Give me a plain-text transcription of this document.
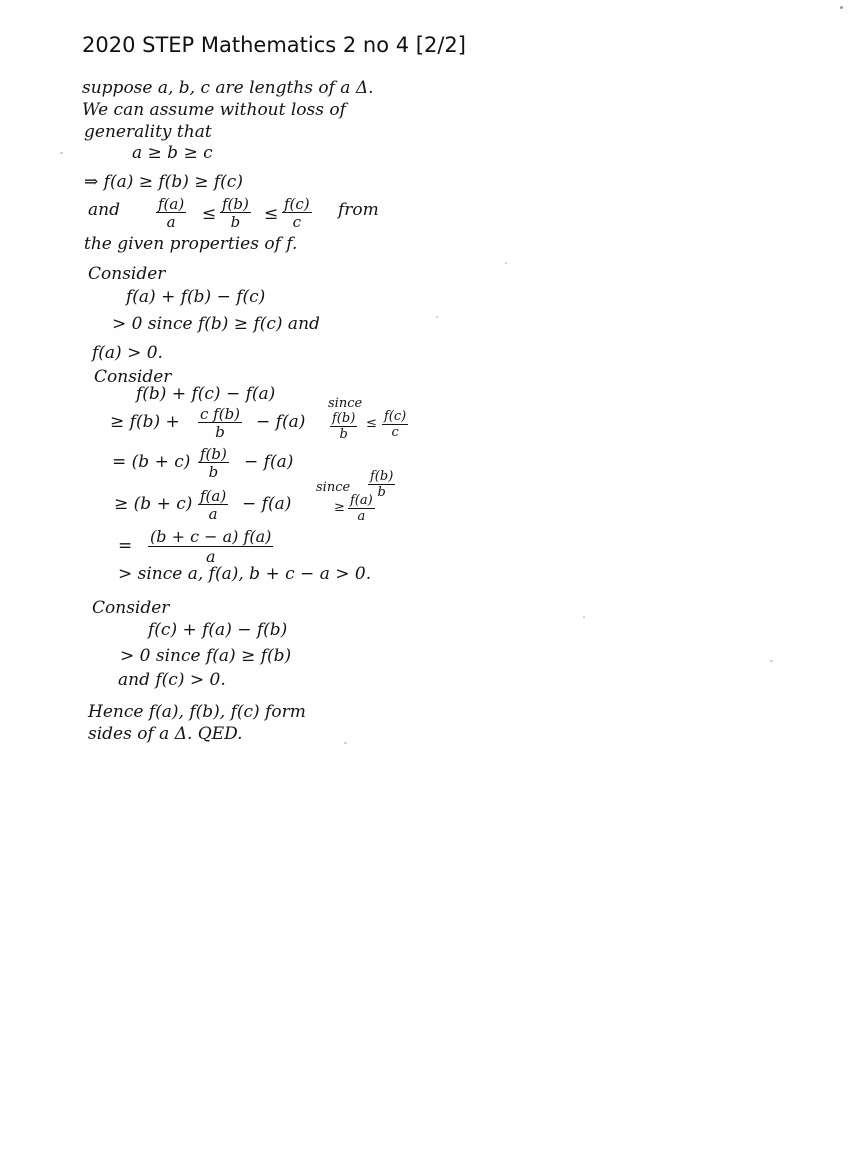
2020 STEP Mathematics 2 no 4 [2/2]
suppose a, b, c are lengths of a Δ.
We can assume without loss of
generality that
a ≥ b ≥ c
⇒ f(a) ≥ f(b) ≥ f(c)
and $\frac{f(a)}{a} \le \frac{f(b)}{b} \le \frac{f(c)}{c}$ from
the given properties of f.
Consider
f(a) + f(b) − f(c)
> 0 since f(b) ≥ f(c) and
f(a) > 0.
Consider
f(b) + f(c) − f(a)
≥ $f(b) + \frac{\text{c f(b)}}{b} - f(a)$
since
$\frac{f(b)}{b} \le \frac{f(c)}{c}$
= $(b + c) \frac{f(b)}{b} - f(a)$
≥ $(b + c) \frac{f(a)}{a} - f(a)$
since $\frac{f(b)}{b}$
≥ $\frac{f(a)}{a}$
= $\frac{(b + c - a) f(a)}{a}$
> since a, f(a), b + c − a > 0.
Consider
f(c) + f(a) − f(b)
> 0 since f(a) ≥ f(b)
and f(c) > 0.
Hence f(a), f(b), f(c) form
sides of a Δ. QED.
